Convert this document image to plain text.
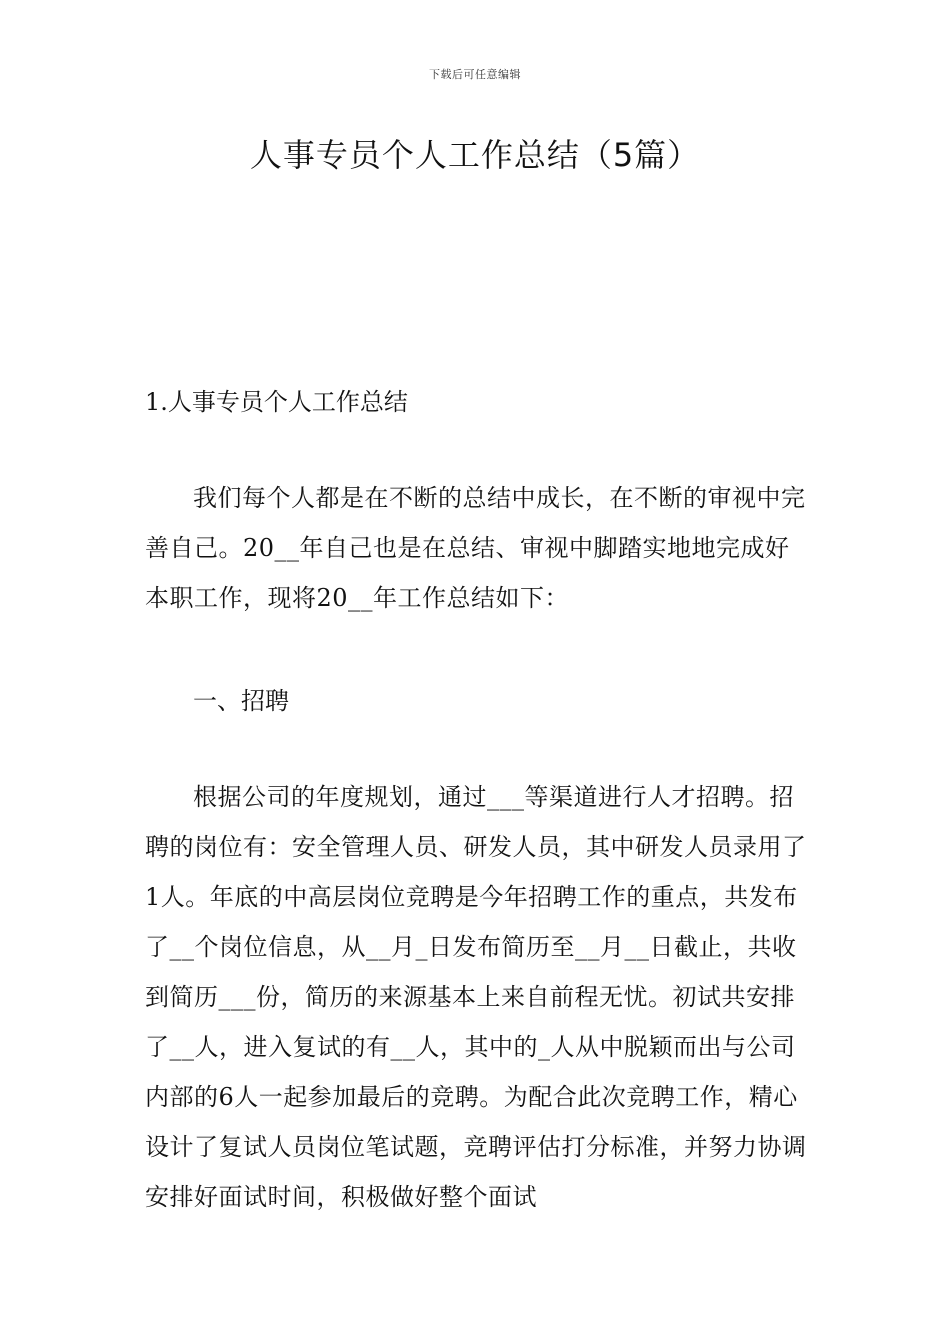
下载后可任意编辑
人事专员个人工作总结（5篇）
1.人事专员个人工作总结

我们每个人都是在不断的总结中成长，在不断的审视中完善自己。20__年自己也是在总结、审视中脚踏实地地完成好本职工作，现将20__年工作总结如下：

一、招聘

根据公司的年度规划，通过___等渠道进行人才招聘。招聘的岗位有：安全管理人员、研发人员，其中研发人员录用了1人。年底的中高层岗位竞聘是今年招聘工作的重点，共发布了__个岗位信息，从__月_日发布简历至__月__日截止，共收到简历___份，简历的来源基本上来自前程无忧。初试共安排了__人，进入复试的有__人，其中的_人从中脱颖而出与公司内部的6人一起参加最后的竞聘。为配合此次竞聘工作，精心设计了复试人员岗位笔试题，竞聘评估打分标准，并努力协调安排好面试时间，积极做好整个面试
